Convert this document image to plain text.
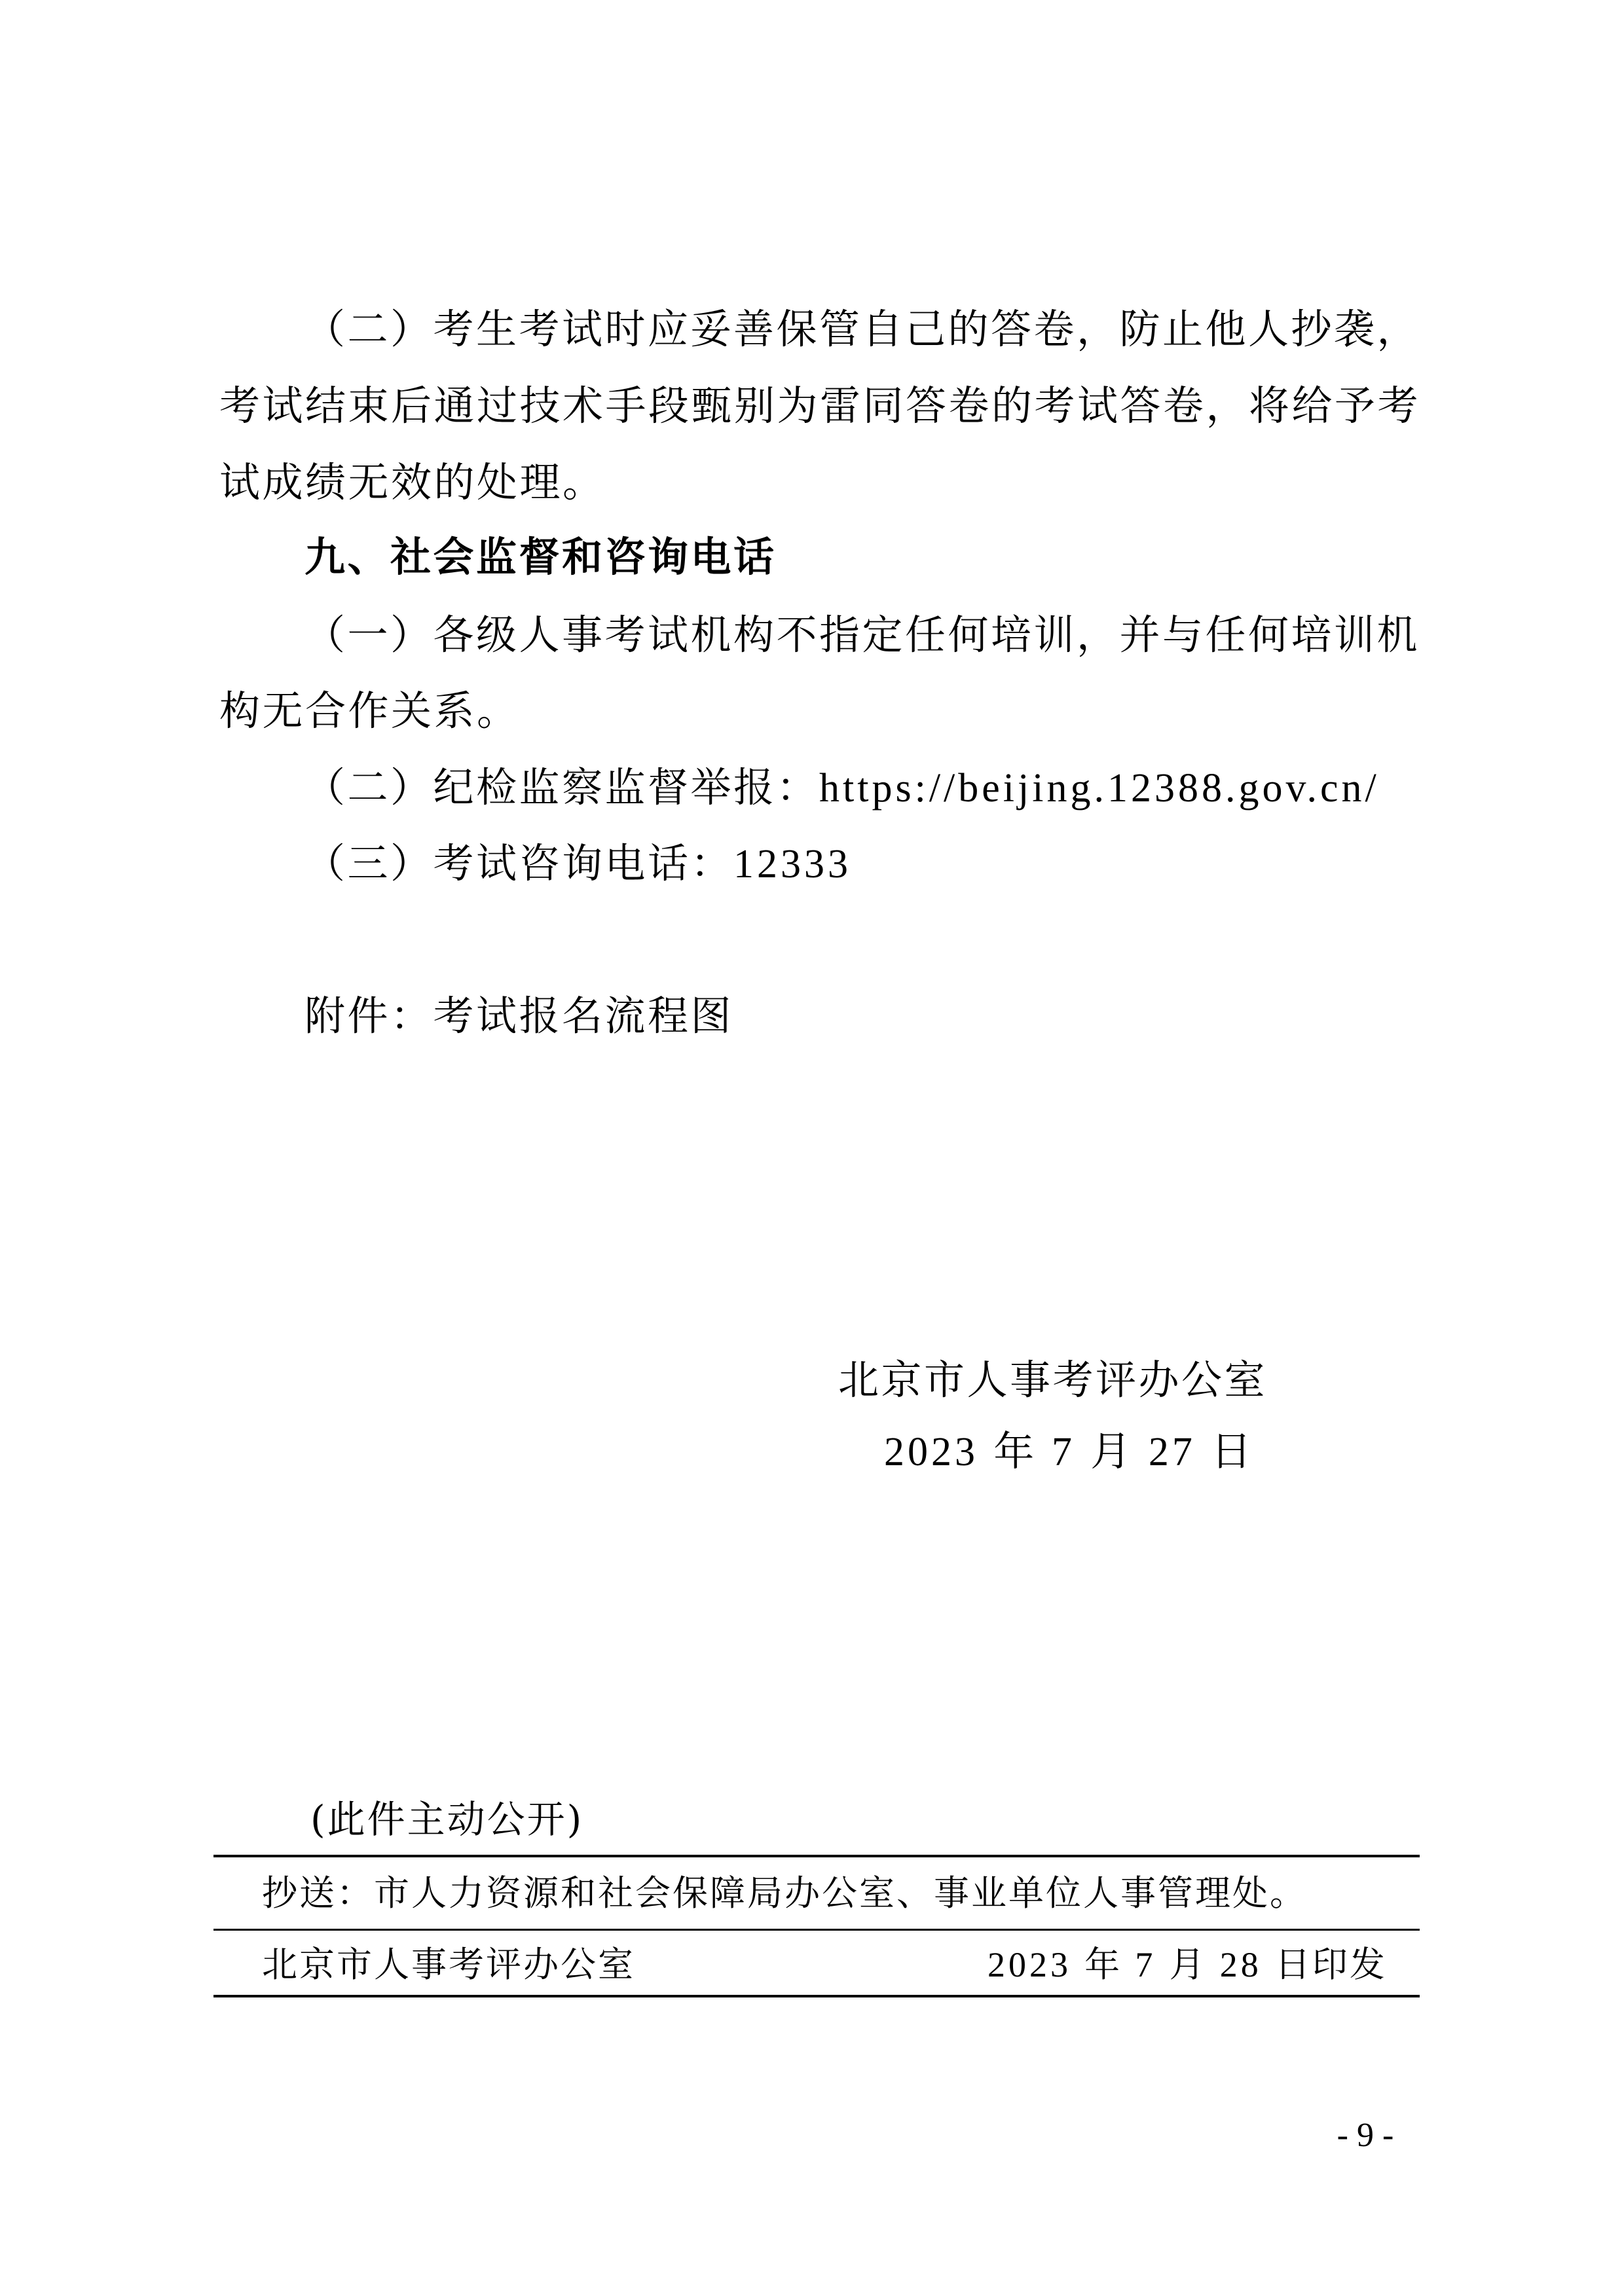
（二）考生考试时应妥善保管自己的答卷，防止他人抄袭，
考试结束后通过技术手段甄别为雷同答卷的考试答卷，将给予考
试成绩无效的处理。
九、社会监督和咨询电话
（一）各级人事考试机构不指定任何培训，并与任何培训机
构无合作关系。
（二）纪检监察监督举报：https://beijing.12388.gov.cn/
（三）考试咨询电话：12333
附件：考试报名流程图
北京市人事考评办公室
2023 年 7 月 27 日
(此件主动公开)
抄送：市人力资源和社会保障局办公室、事业单位人事管理处。
北京市人事考评办公室	2023 年 7 月 28 日印发
- 9 -
